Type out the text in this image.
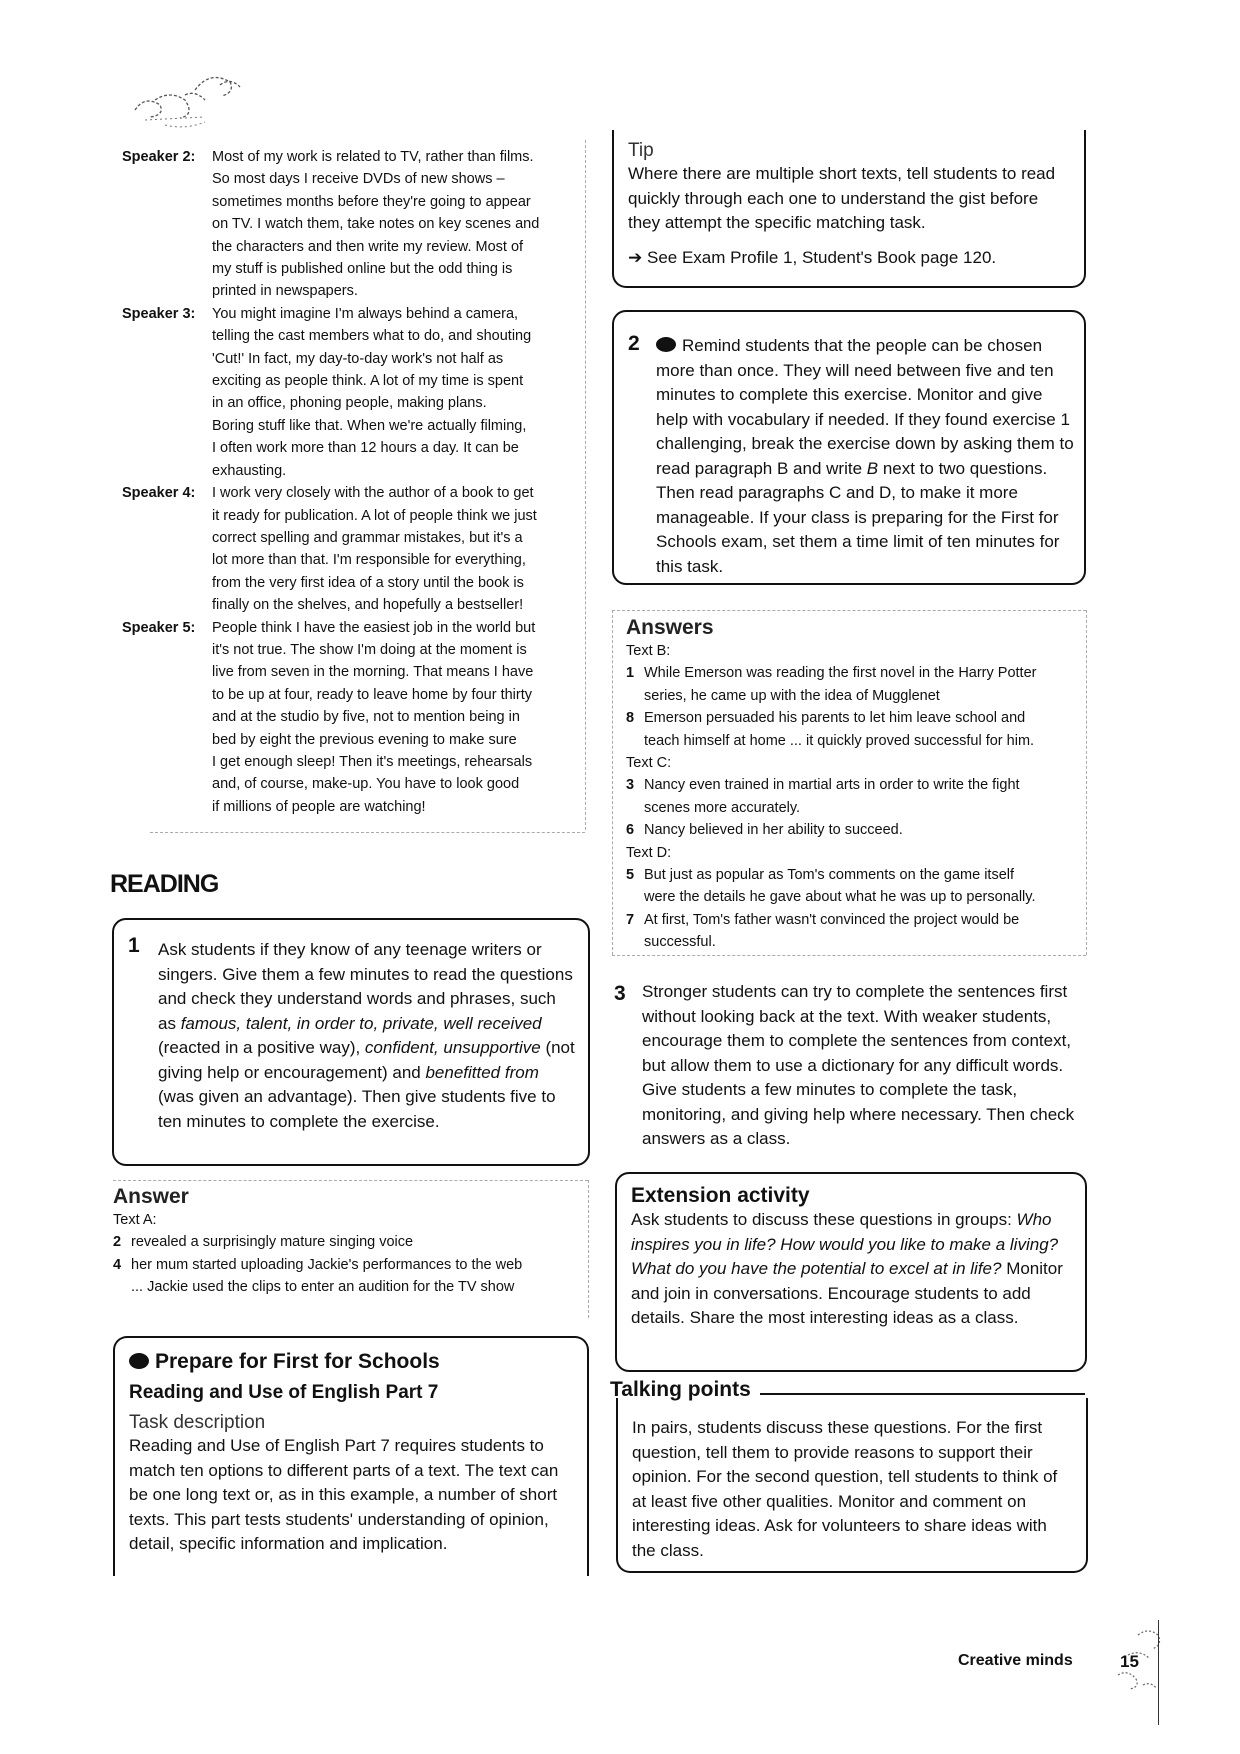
Speaker 2:	Most of my work is related to TV, rather than films.
So most days I receive DVDs of new shows –
sometimes months before they're going to appear
on TV. I watch them, take notes on key scenes and
the characters and then write my review. Most of
my stuff is published online but the odd thing is
printed in newspapers.
Speaker 3:	You might imagine I'm always behind a camera,
telling the cast members what to do, and shouting
'Cut!' In fact, my day-to-day work's not half as
exciting as people think. A lot of my time is spent
in an office, phoning people, making plans.
Boring stuff like that. When we're actually filming,
I often work more than 12 hours a day. It can be
exhausting.
Speaker 4:	I work very closely with the author of a book to get
it ready for publication. A lot of people think we just
correct spelling and grammar mistakes, but it's a
lot more than that. I'm responsible for everything,
from the very first idea of a story until the book is
finally on the shelves, and hopefully a bestseller!
Speaker 5:	People think I have the easiest job in the world but
it's not true. The show I'm doing at the moment is
live from seven in the morning. That means I have
to be up at four, ready to leave home by four thirty
and at the studio by five, not to mention being in
bed by eight the previous evening to make sure
I get enough sleep! Then it's meetings, rehearsals
and, of course, make-up. You have to look good
if millions of people are watching!
READING
1 Ask students if they know of any teenage writers or singers. Give them a few minutes to read the questions and check they understand words and phrases, such as famous, talent, in order to, private, well received (reacted in a positive way), confident, unsupportive (not giving help or encouragement) and benefitted from (was given an advantage). Then give students five to ten minutes to complete the exercise.
Answer
Text A:
2 revealed a surprisingly mature singing voice
4 her mum started uploading Jackie's performances to the web
... Jackie used the clips to enter an audition for the TV show
Prepare for First for Schools
Reading and Use of English Part 7
Task description
Reading and Use of English Part 7 requires students to match ten options to different parts of a text. The text can be one long text or, as in this example, a number of short texts. This part tests students' understanding of opinion, detail, specific information and implication.
Tip
Where there are multiple short texts, tell students to read quickly through each one to understand the gist before they attempt the specific matching task.
➔ See Exam Profile 1, Student's Book page 120.
2	Remind students that the people can be chosen more than once. They will need between five and ten minutes to complete this exercise. Monitor and give help with vocabulary if needed. If they found exercise 1 challenging, break the exercise down by asking them to read paragraph B and write B next to two questions. Then read paragraphs C and D, to make it more manageable. If your class is preparing for the First for Schools exam, set them a time limit of ten minutes for this task.
Answers
Text B:
1 While Emerson was reading the first novel in the Harry Potter
series, he came up with the idea of Mugglenet
8 Emerson persuaded his parents to let him leave school and
teach himself at home ... it quickly proved successful for him.
Text C:
3 Nancy even trained in martial arts in order to write the fight
scenes more accurately.
6 Nancy believed in her ability to succeed.
Text D:
5 But just as popular as Tom's comments on the game itself
were the details he gave about what he was up to personally.
7 At first, Tom's father wasn't convinced the project would be
successful.
3 Stronger students can try to complete the sentences first without looking back at the text. With weaker students, encourage them to complete the sentences from context, but allow them to use a dictionary for any difficult words. Give students a few minutes to complete the task, monitoring, and giving help where necessary. Then check answers as a class.
Extension activity
Ask students to discuss these questions in groups: Who inspires you in life? How would you like to make a living? What do you have the potential to excel at in life? Monitor and join in conversations. Encourage students to add details. Share the most interesting ideas as a class.
Talking points
In pairs, students discuss these questions. For the first question, tell them to provide reasons to support their opinion. For the second question, tell students to think of at least five other qualities. Monitor and comment on interesting ideas. Ask for volunteers to share ideas with the class.
Creative minds	15
